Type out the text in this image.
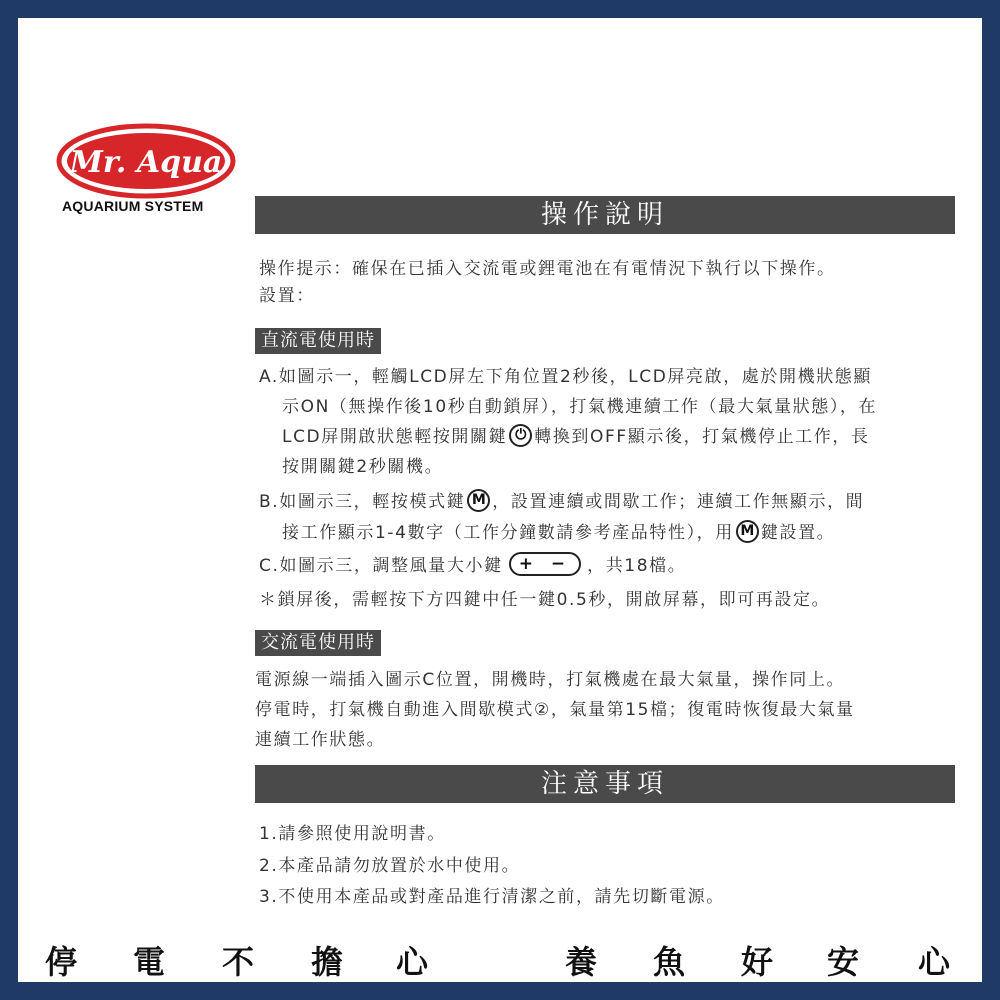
Mr. Aqua
AQUARIUM SYSTEM	操作說明
操作提示：確保在已插入交流電或鋰電池在有電情況下執行以下操作。
設置：
直流電使用時
A.如圖示一，輕觸LCD屏左下角位置2秒後，LCD屏亮啟，處於開機狀態顯
示ON（無操作後10秒自動鎖屏），打氣機連續工作（最大氣量狀態），在
LCD屏開啟狀態輕按開關鍵 ⏻ 轉換到OFF顯示後，打氣機停止工作，長
按開關鍵2秒關機。
B.如圖示三，輕按模式鍵 M ，設置連續或間歇工作；連續工作無顯示，間
接工作顯示1-4數字（工作分鐘數請參考產品特性），用 M 鍵設置。
C.如圖示三，調整風量大小鍵 + − ，共18檔。
＊鎖屏後，需輕按下方四鍵中任一鍵0.5秒，開啟屏幕，即可再設定。
交流電使用時
電源線一端插入圖示C位置，開機時，打氣機處在最大氣量，操作同上。
停電時，打氣機自動進入間歇模式②，氣量第15檔；復電時恢復最大氣量
連續工作狀態。
注意事項
1.請參照使用說明書。
2.本產品請勿放置於水中使用。
3.不使用本產品或對產品進行清潔之前，請先切斷電源。
停 電 不 擔 心	養 魚 好 安 心
